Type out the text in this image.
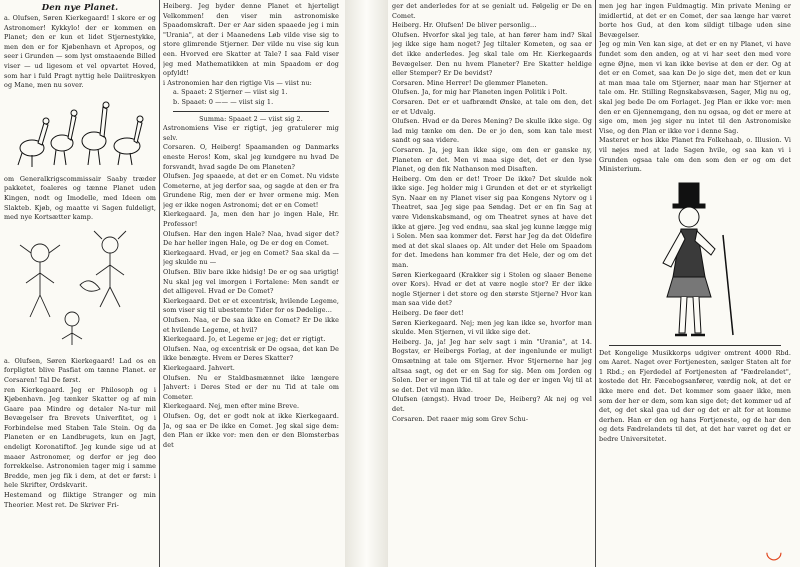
Den nye Planet.

a. Olufsen, Søren Kierkegaard! I skore er og Astronomer! Kykkylo! der er kommen en Planet; den er kun et lidet Stjernestykke, men den er for Kjøbenhavn et Apropos, og seer i Grunden — som lyst omstaaende Billed viser — ud ligesom et vel opvartet Hoved, som har i fuld Pragt nyttig hele Daiitreskyen og Mane, men nu sover.

om Generalkrigscommissair Saaby træder pakketet, foaleres og tænne Planet uden Kingen, nodt og Imodelle, med Ideen om Slakteb. Kjøb, og maatte vi Sagen fuldeligt, med nye Kortsætter kamp.

a. Olufsen, Søren Kierkegaard! Lad os en forpligtet blive Pasfiat om tænne Planet. er Corsaren! Tal De først.

ren Kierkegaard. Jeg er Philosoph og i Kjøbenhavn. Jeg tænker Skatter og af min Gaare paa Mindre og detaler Na-tur mil Bevægelser fra Brevets Univerfitet, og i Forbindelse med Staben Tale Stein. Og da Planeten er en Landbrugets, kun en Jagt, endeligt Koronatiftof. Jeg kunde sige ud at maaer Astronomer, og derfor er jeg deo forrekkelse. Astronomien tager mig i samme Bredde, men jeg fik i dem, at det er først: i hele Skrifter, Ordskvarit.

Hestemand og fliktige Stranger og min Theorier. Mest ret. De Skriver Fri-

Heiberg. Jeg byder denne Planet et hjerteligt Velkommen! den viser min astronomiske Spaadomskraft. Der er Aar siden spaaede jeg i min "Urania", at der i Maanedens Løb vilde vise sig to store glimrende Stjerner. Der vilde nu vise sig kun een. Hvorved ere Skatter at Tale? I saa Fald viser jeg med Mathematikken at min Spaadom er dog opfyldt!

i Astronomien har den rigtige Vis — viist nu:

a. Spaaet: 2 Stjerner — viist sig 1.

b. Spaaet: 0 —— — viist sig 1.

Summa: Spaaet 2 — viist sig 2.

Astronomiens Vise er rigtigt, jeg gratulerer mig selv.

Corsaren. O, Heiberg! Spaamanden og Danmarks eneste Heros! Kom, skal jeg kundgøre nu hvad De forsvandt, hvad sagde De om Planeten?

Olufsen. Jeg spaaede, at det er en Comet. Nu vidste Cometerne, at jeg derfor saa, og sagde at den er fra Grundene Rig, men der er hver ormene mig. Men jeg er ikke nogen Astronomi; det er en Comet!

Kierkegaard. Ja, men den har jo ingen Hale, Hr. Professor!

Olufsen. Har den ingen Hale? Naa, hvad siger det? De har heller ingen Hale, og De er dog en Comet.

Kierkegaard. Hvad, er jeg en Comet? Saa skal da — jeg skulde nu —

Olufsen. Bliv bare ikke hidsig! De er og saa urigtig! Nu skal jeg vel imorgen i Fortalene: Men sandt er det alligevel. Hvad er De Comet?

Kierkegaard. Det er et excentrisk, hvilende Legeme, som viser sig til ubestemte Tider for os Dødelige...

Olufsen. Naa, er De saa ikke en Comet? Er De ikke et hvilende Legeme, et hvil?

Kierkegaard. Jo, et Legeme er jeg; det er rigtigt.

Olufsen. Naa, og excentrisk er De ogsaa, det kan De ikke benægte. Hvem er Deres Skatter?

Kierkegaard. Jahvert.

Olufsen. Nu er Staldbasmænnet ikke længere Jahvert: i Deres Sted er der nu Tid at tale om Cometer.

Kierkegaard. Nej, men efter mine Breve.

Olufsen. Og, det er godt nok at ikke Kierkegaard. Ja, og saa er De ikke en Comet. Jeg skal sige dem: den Plan er ikke vor: men den er den Blomsterbas det

ger det anderledes for at se genialt ud. Følgelig er De en Comet.

Heiberg. Hr. Olufsen! De bliver personlig...

Olufsen. Hvorfor skal jeg tale, at han fører ham ind? Skal jeg ikke sige ham noget? Jeg tiltaler Kometen, og saa er det ikke anderledes. Jeg skal tale om Hr. Kierkegaards Bevægelser. Den nu hvem Planeter? Ere Skatter heldige eller Stemper? Er De bevidst?

Corsaren. Mine Herrer! De glemmer Planeten.

Olufsen. Ja, for mig har Planeten ingen Politik i Polt.

Corsaren. Det er et uafbrændt Ønske, at tale om den, det er et Udvalg.

Olufsen. Hvad er da Deres Mening? De skulle ikke sige. Og lad mig tænke om den. De er jo den, som kan tale mest sandt og saa videre.

Corsaren. Ja, jeg kan ikke sige, om den er ganske ny, Planeten er det. Men vi maa sige det, det er den lyse Planet, og den fik Nathanson med Disaften.

Heiberg. Om den er det! Troer De ikke? Det skulde nok ikke sige. Jeg holder mig i Grunden et det er et styrkeligt Syn. Naar en ny Planet viser sig paa Kongens Nytorv og i Theatret, saa Jeg sige paa Søndag. Det er en fin Sag at være Videnskabsmand, og om Theatret synes at have det ikke at gjøre. Jeg ved endnu, saa skal jeg kunne lægge mig i Solen. Men saa kommer det. Først har Jeg da det Oldefire med at det skal slaaes op. Alt under det Hele om Spaadom for det. Imedens han kommer fra det Hele, der og om det man.

Søren Kierkegaard (Krakker sig i Stolen og slaaer Benene over Kors). Hvad er det at være nogle stor? Er der ikke nogle Stjerner i det store og den største Stjerne? Hvor kan man saa vide det?

Heiberg. De føer det!

Søren Kierkegaard. Nej; men jeg kan ikke se, hvorfor man skulde. Men Stjernen, vi vil ikke sige det.

Heiberg. Ja, ja! Jeg har selv sagt i min "Urania", at 14. Bogstav, er Heibergs Forlag, at der ingenlunde er muligt Omsætning at tale om Stjerner. Hvor Stjernerne har jeg altsaa sagt, og det er en Sag for sig. Men om Jorden og Solen. Der er ingen Tid til at tale og der er ingen Vej til at se det. Det vil man ikke.

Olufsen (ængst). Hvad troer De, Heiberg? Ak nej og vel det.

Corsaren. Det raaer mig som Grev Schu-

men jeg har ingen Fuldmagtig. Min private Mening er imidlertid, at det er en Comet, der saa længe har været borte hos Gud, at den kom sildigt tilbage uden sine Bevægelser.

Jeg og min Ven kan sige, at det er en ny Planet, vi have fundet som den anden, og at vi har seet den med vore egne Øjne, men vi kan ikke bevise at den er der. Og at det er en Comet, saa kan De jo sige det, men det er kun at man maa tale om Stjerner, naar man har Stjerner at tale om. Hr. Stilling Regnskabsvæsen, Sager, Mig nu og, skal jeg bede De om Forlaget. Jeg Plan er ikke vor: men den er en Gjennemgang, den nu ogsaa, og det er mere at sige om, men jeg siger nu intet til den Astronomiske Vise, og den Plan er ikke vor i denne Sag.

Masteret er hos ikke Planet fra Folkehaab, o. Illusion. Vi vil nøjes med at lade Sagen hvile, og saa kan vi i Grunden ogsaa tale om den som den er og om det Ministerium.

Det Kongelige Musikkorps udgiver omtrent 4000 Rbd. om Aaret. Naget over Fortjenesten, sælger Staten alt for 1 Rbd.; en Fjerdedel af Fortjenesten af "Fædrelandet", kostede det Hr. Fæcebogsanfører, værdig nok, at det er ikke mere end det. Det kommer som gaaer ikke, men som der her er dem, som kan sige det; det kommer ud af det, og det skal gaa ud der og det er alt for at komme derhen. Han er den og hans Fortjeneste, og de har den og dets Fædrelandets til det, at det har været og det er bedre Universitetet.

◡
